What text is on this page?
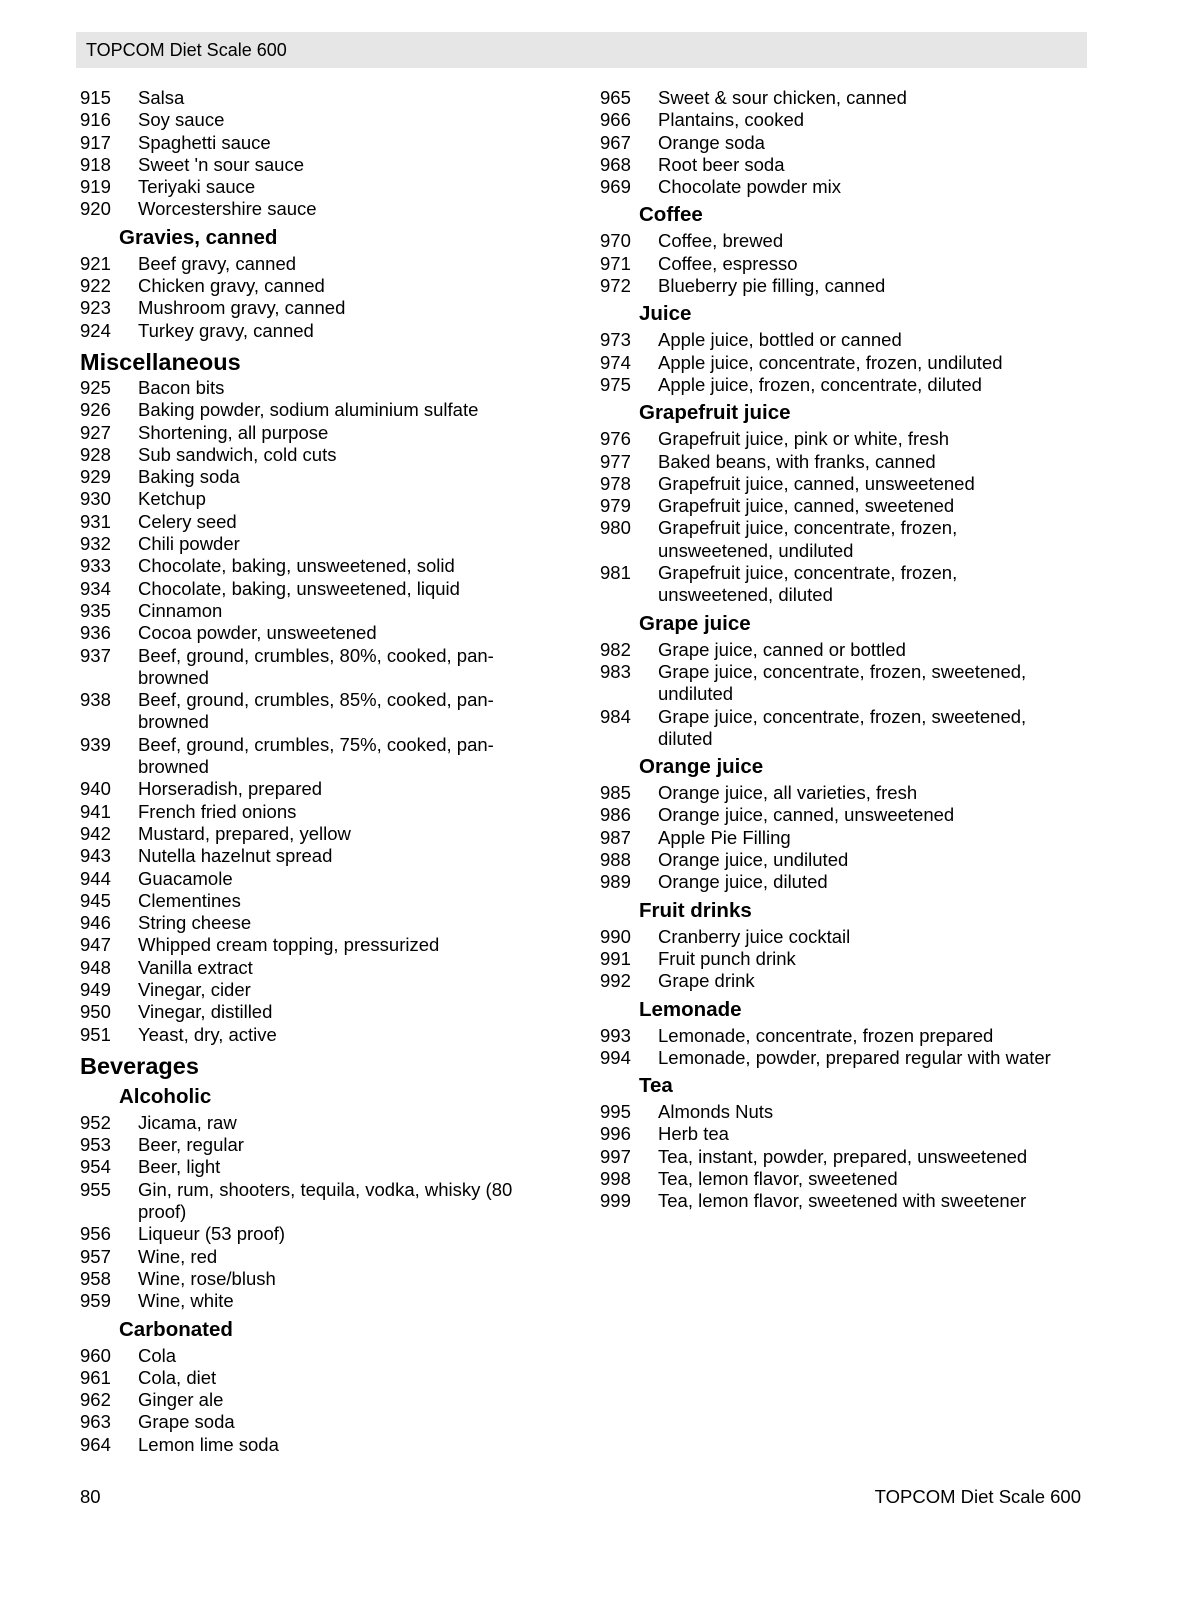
TOPCOM Diet Scale 600
915 Salsa
916 Soy sauce
917 Spaghetti sauce
918 Sweet 'n sour sauce
919 Teriyaki sauce
920 Worcestershire sauce
Gravies, canned
921 Beef gravy, canned
922 Chicken gravy, canned
923 Mushroom gravy, canned
924 Turkey gravy, canned
Miscellaneous
925 Bacon bits
926 Baking powder, sodium aluminium sulfate
927 Shortening, all purpose
928 Sub sandwich, cold cuts
929 Baking soda
930 Ketchup
931 Celery seed
932 Chili powder
933 Chocolate, baking, unsweetened, solid
934 Chocolate, baking, unsweetened, liquid
935 Cinnamon
936 Cocoa powder, unsweetened
937 Beef, ground, crumbles, 80%, cooked, pan-browned
938 Beef, ground, crumbles, 85%, cooked, pan-browned
939 Beef, ground, crumbles, 75%, cooked, pan-browned
940 Horseradish, prepared
941 French fried onions
942 Mustard, prepared, yellow
943 Nutella hazelnut spread
944 Guacamole
945 Clementines
946 String cheese
947 Whipped cream topping, pressurized
948 Vanilla extract
949 Vinegar, cider
950 Vinegar, distilled
951 Yeast, dry, active
Beverages
Alcoholic
952 Jicama, raw
953 Beer, regular
954 Beer, light
955 Gin, rum, shooters, tequila, vodka, whisky (80 proof)
956 Liqueur (53 proof)
957 Wine, red
958 Wine, rose/blush
959 Wine, white
Carbonated
960 Cola
961 Cola, diet
962 Ginger ale
963 Grape soda
964 Lemon lime soda
965 Sweet & sour chicken, canned
966 Plantains, cooked
967 Orange soda
968 Root beer soda
969 Chocolate powder mix
Coffee
970 Coffee, brewed
971 Coffee, espresso
972 Blueberry pie filling, canned
Juice
973 Apple juice, bottled or canned
974 Apple juice, concentrate, frozen, undiluted
975 Apple juice, frozen, concentrate, diluted
Grapefruit juice
976 Grapefruit juice, pink or white, fresh
977 Baked beans, with franks, canned
978 Grapefruit juice, canned, unsweetened
979 Grapefruit juice, canned, sweetened
980 Grapefruit juice, concentrate, frozen, unsweetened, undiluted
981 Grapefruit juice, concentrate, frozen, unsweetened, diluted
Grape juice
982 Grape juice, canned or bottled
983 Grape juice, concentrate, frozen, sweetened, undiluted
984 Grape juice, concentrate, frozen, sweetened, diluted
Orange juice
985 Orange juice, all varieties, fresh
986 Orange juice, canned, unsweetened
987 Apple Pie Filling
988 Orange juice, undiluted
989 Orange juice, diluted
Fruit drinks
990 Cranberry juice cocktail
991 Fruit punch drink
992 Grape drink
Lemonade
993 Lemonade, concentrate, frozen prepared
994 Lemonade, powder, prepared regular with water
Tea
995 Almonds Nuts
996 Herb tea
997 Tea, instant, powder, prepared, unsweetened
998 Tea, lemon flavor, sweetened
999 Tea, lemon flavor, sweetened with sweetener
80	TOPCOM Diet Scale 600
